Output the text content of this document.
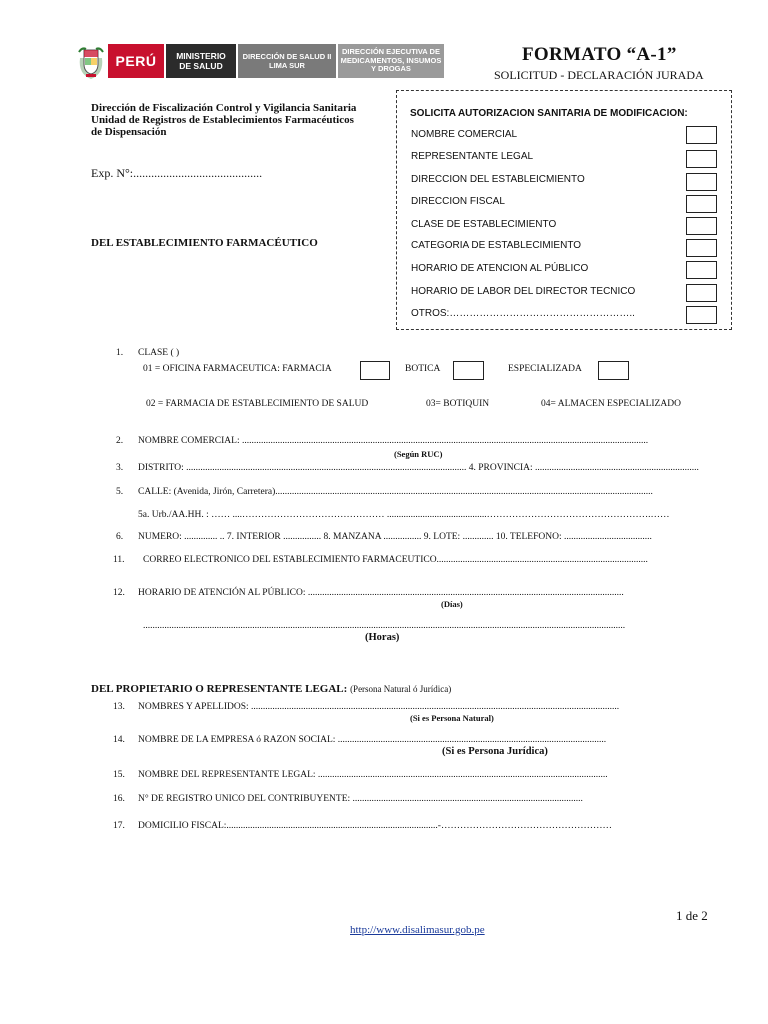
PERÚ MINISTERIO
DE SALUD
DIRECCIÓN DE SALUD II
LIMA SUR
DIRECCIÓN EJECUTIVA DE
MEDICAMENTOS, INSUMOS
Y DROGAS
FORMATO “A-1”
SOLICITUD - DECLARACIÓN JURADA
Dirección de Fiscalización Control y Vigilancia Sanitaria
Unidad de Registros de Establecimientos Farmacéuticos
de Dispensación
Exp. N°:...........................................
DEL ESTABLECIMIENTO FARMACÉUTICO
SOLICITA AUTORIZACION SANITARIA DE MODIFICACION:
NOMBRE COMERCIAL
REPRESENTANTE LEGAL
DIRECCION DEL ESTABLEICMIENTO
DIRECCION FISCAL
CLASE DE ESTABLECIMIENTO
CATEGORIA DE ESTABLECIMIENTO
HORARIO DE ATENCION AL PÚBLICO
HORARIO DE LABOR DEL DIRECTOR TECNICO
OTROS:………………………………………………..
1. CLASE ( )
01 = OFICINA FARMACEUTICA: FARMACIA	BOTICA	ESPECIALIZADA
02 = FARMACIA DE ESTABLECIMIENTO DE SALUD	03= BOTIQUIN	04= ALMACEN ESPECIALIZADO
2. NOMBRE COMERCIAL: ...........................................................................................................................................................................
(Según RUC)
3. DISTRITO: ...................................................................................................................... 4. PROVINCIA: .....................................................................
5. CALLE: (Avenida, Jirón, Carretera)...............................................................................................................................................................
5a. Urb./AA.HH. : …… ....……………………………………… ..........................................…………………………………………….……
6. NUMERO: .............. .. 7. INTERIOR ................ 8. MANZANA ................ 9. LOTE: ............. 10. TELEFONO: .....................................
11. CORREO ELECTRONICO DEL ESTABLECIMIENTO FARMACEUTICO.........................................................................................
12. HORARIO DE ATENCIÓN AL PÚBLICO: .....................................................................................................................................
(Días)
...........................................................................................................................................................................................................
(Horas)
DEL PROPIETARIO O REPRESENTANTE LEGAL: (Persona Natural ó Jurídica)
13. NOMBRES Y APELLIDOS: ...........................................................................................................................................................
(Si es Persona Natural)
14. NOMBRE DE LA EMPRESA ó RAZON SOCIAL: .................................................................................................................
(Si es Persona Jurídica)
15. NOMBRE DEL REPRESENTANTE LEGAL: ..........................................................................................................................
16. N° DE REGISTRO UNICO DEL CONTRIBUYENTE: .................................................................................................
17. DOMICILIO FISCAL:.........................................................................................-………………………………………………
1 de 2
http://www.disalimasur.gob.pe
